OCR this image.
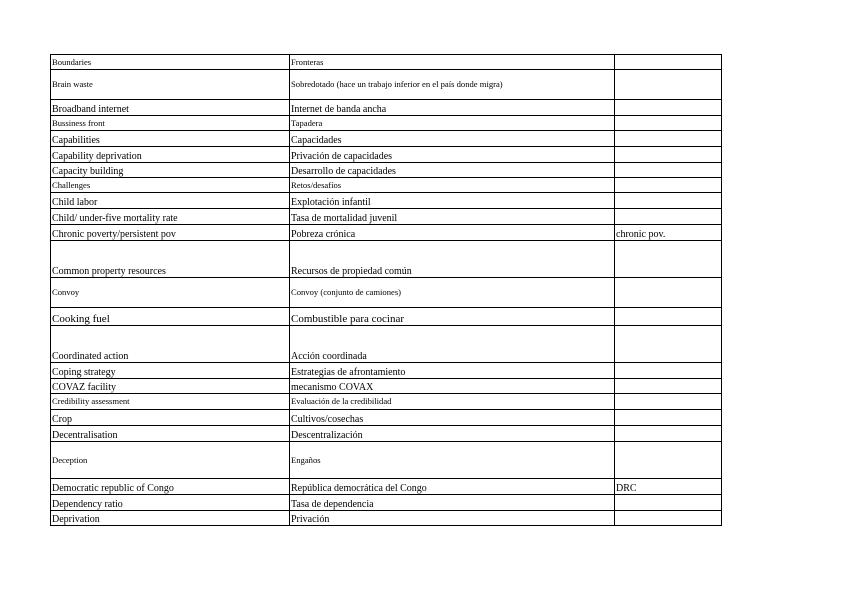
Boundaries	Fronteras	
Brain waste	Sobredotado (hace un trabajo inferior en el país donde migra)	
Broadband internet	Internet de banda ancha	
Bussiness front	Tapadera	
Capabilities	Capacidades	
Capability deprivation	Privación de capacidades	
Capacity building	Desarrollo de capacidades	
Challenges	Retos/desafíos	
Child labor	Explotación infantil	
Child/ under-five mortality rate	Tasa de mortalidad juvenil	
Chronic poverty/persistent pov	Pobreza crónica	chronic pov.
Common property resources	Recursos de propiedad común	
Convoy	Convoy (conjunto de camiones)	
Cooking fuel	Combustible para cocinar	
Coordinated action	Acción coordinada	
Coping strategy	Estrategias de afrontamiento	
COVAZ facility	mecanismo COVAX	
Credibility assessment	Evaluación de la credibilidad	
Crop	Cultivos/cosechas	
Decentralisation	Descentralización	
Deception	Engaños	
Democratic republic of Congo	República democrática del Congo	DRC
Dependency ratio	Tasa de dependencia	
Deprivation	Privación	
